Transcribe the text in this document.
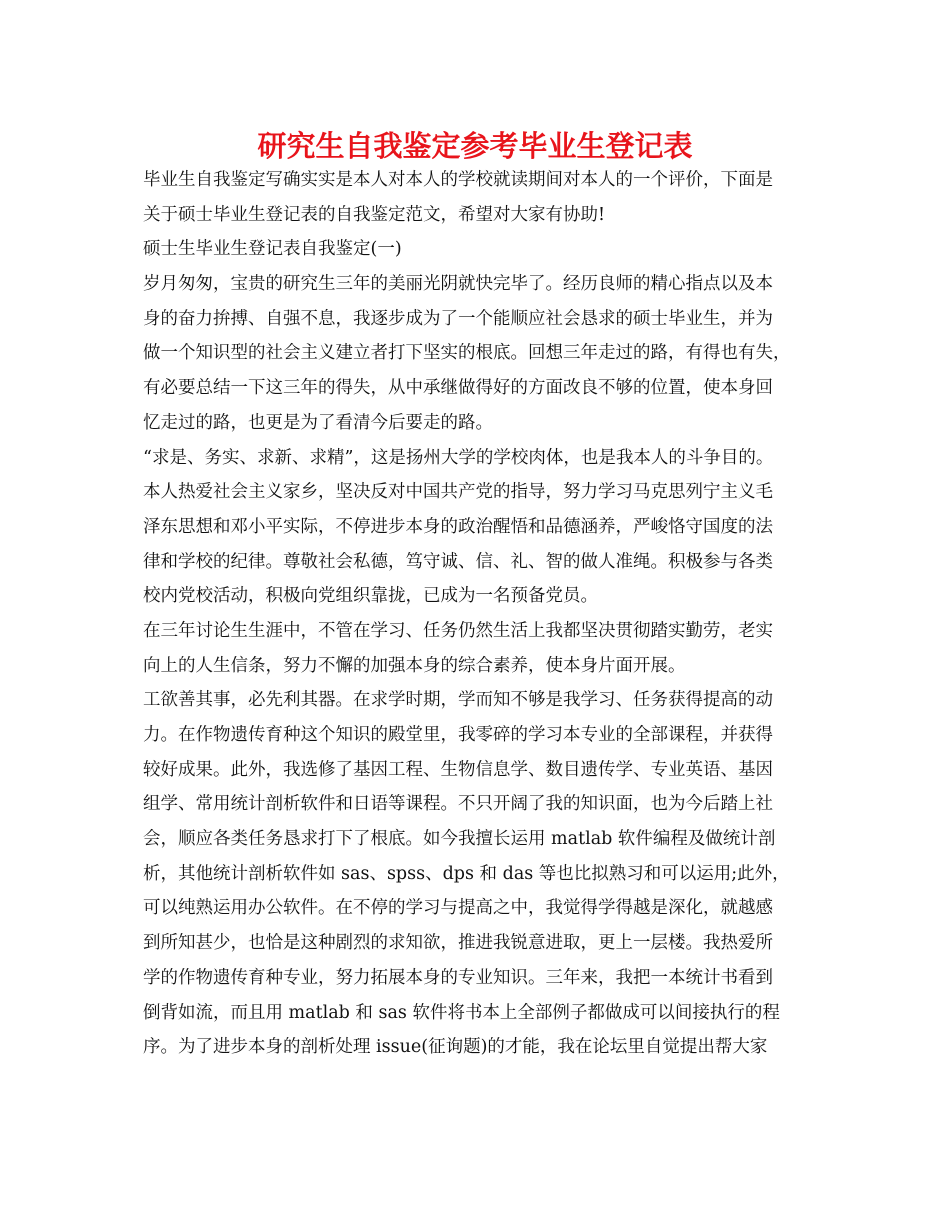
研究生自我鉴定参考毕业生登记表
毕业生自我鉴定写确实实是本人对本人的学校就读期间对本人的一个评价，下面是
关于硕士毕业生登记表的自我鉴定范文，希望对大家有协助!
硕士生毕业生登记表自我鉴定(一)
岁月匆匆，宝贵的研究生三年的美丽光阴就快完毕了。经历良师的精心指点以及本
身的奋力拚搏、自强不息，我逐步成为了一个能顺应社会恳求的硕士毕业生，并为
做一个知识型的社会主义建立者打下坚实的根底。回想三年走过的路，有得也有失，
有必要总结一下这三年的得失，从中承继做得好的方面改良不够的位置，使本身回
忆走过的路，也更是为了看清今后要走的路。
“求是、务实、求新、求精”，这是扬州大学的学校肉体，也是我本人的斗争目的。
本人热爱社会主义家乡，坚决反对中国共产党的指导，努力学习马克思列宁主义毛
泽东思想和邓小平实际，不停进步本身的政治醒悟和品德涵养，严峻恪守国度的法
律和学校的纪律。尊敬社会私德，笃守诚、信、礼、智的做人准绳。积极参与各类
校内党校活动，积极向党组织靠拢，已成为一名预备党员。
在三年讨论生生涯中，不管在学习、任务仍然生活上我都坚决贯彻踏实勤劳，老实
向上的人生信条，努力不懈的加强本身的综合素养，使本身片面开展。
工欲善其事，必先利其器。在求学时期，学而知不够是我学习、任务获得提高的动
力。在作物遗传育种这个知识的殿堂里，我零碎的学习本专业的全部课程，并获得
较好成果。此外，我选修了基因工程、生物信息学、数目遗传学、专业英语、基因
组学、常用统计剖析软件和日语等课程。不只开阔了我的知识面，也为今后踏上社
会，顺应各类任务恳求打下了根底。如今我擅长运用 matlab 软件编程及做统计剖
析，其他统计剖析软件如 sas、spss、dps 和 das 等也比拟熟习和可以运用;此外，
可以纯熟运用办公软件。在不停的学习与提高之中，我觉得学得越是深化，就越感
到所知甚少，也恰是这种剧烈的求知欲，推进我锐意进取，更上一层楼。我热爱所
学的作物遗传育种专业，努力拓展本身的专业知识。三年来，我把一本统计书看到
倒背如流，而且用 matlab 和 sas 软件将书本上全部例子都做成可以间接执行的程
序。为了进步本身的剖析处理 issue(征询题)的才能，我在论坛里自觉提出帮大家
